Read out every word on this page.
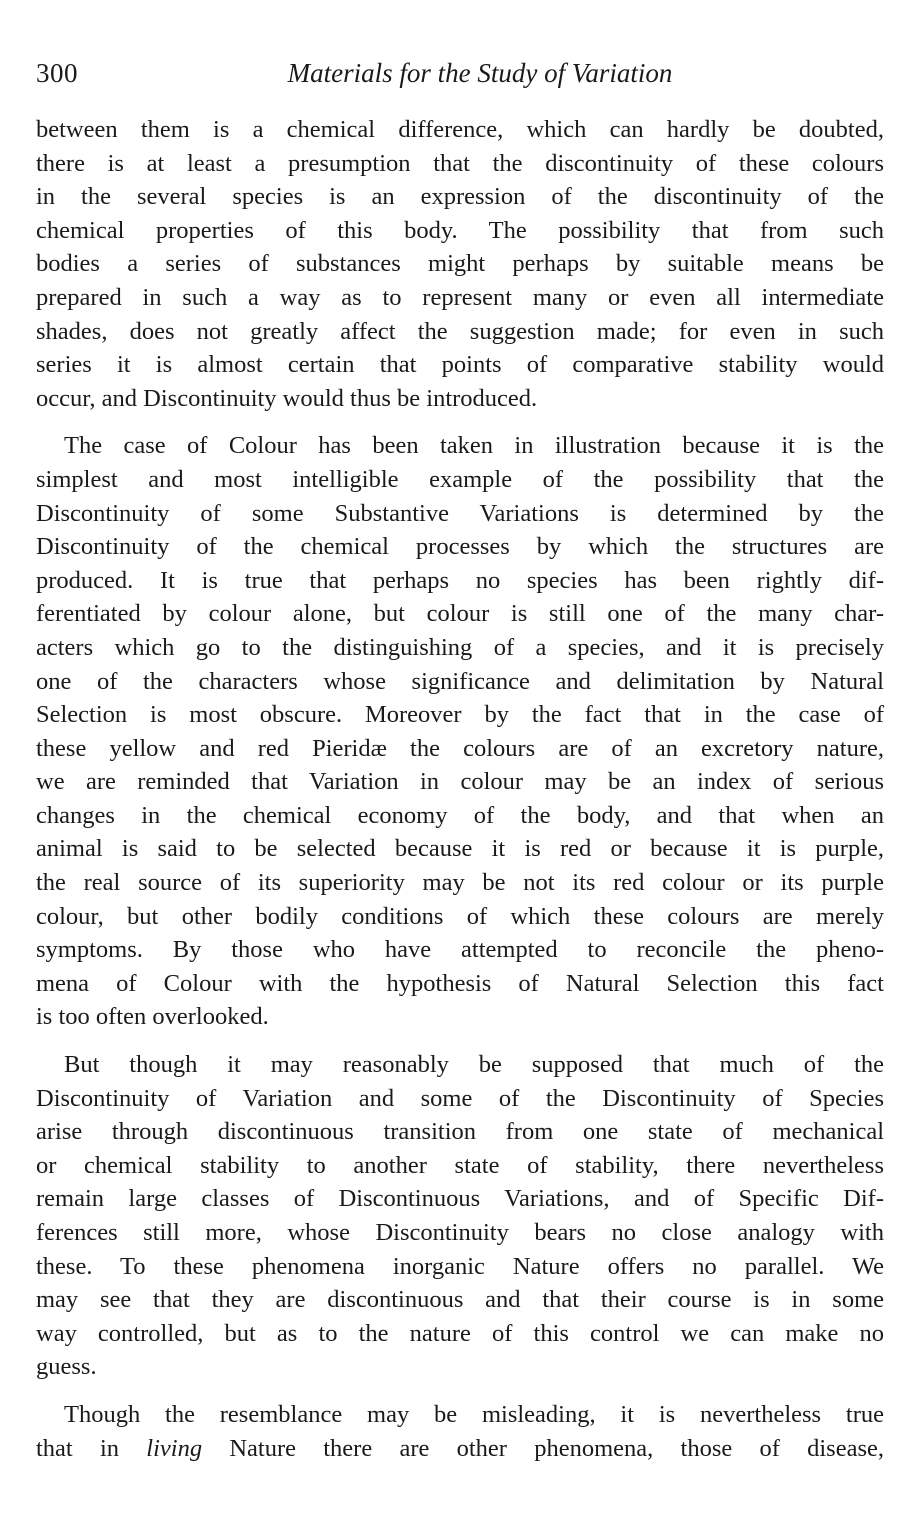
300	Materials for the Study of Variation
between them is a chemical difference, which can hardly be doubted,
there is at least a presumption that the discontinuity of these colours
in the several species is an expression of the discontinuity of the
chemical properties of this body. The possibility that from such
bodies a series of substances might perhaps by suitable means be
prepared in such a way as to represent many or even all intermediate
shades, does not greatly affect the suggestion made; for even in such
series it is almost certain that points of comparative stability would
occur, and Discontinuity would thus be introduced.
The case of Colour has been taken in illustration because it is the
simplest and most intelligible example of the possibility that the
Discontinuity of some Substantive Variations is determined by the
Discontinuity of the chemical processes by which the structures are
produced. It is true that perhaps no species has been rightly dif-
ferentiated by colour alone, but colour is still one of the many char-
acters which go to the distinguishing of a species, and it is precisely
one of the characters whose significance and delimitation by Natural
Selection is most obscure. Moreover by the fact that in the case of
these yellow and red Pieridæ the colours are of an excretory nature,
we are reminded that Variation in colour may be an index of serious
changes in the chemical economy of the body, and that when an
animal is said to be selected because it is red or because it is purple,
the real source of its superiority may be not its red colour or its purple
colour, but other bodily conditions of which these colours are merely
symptoms. By those who have attempted to reconcile the pheno-
mena of Colour with the hypothesis of Natural Selection this fact
is too often overlooked.
But though it may reasonably be supposed that much of the
Discontinuity of Variation and some of the Discontinuity of Species
arise through discontinuous transition from one state of mechanical
or chemical stability to another state of stability, there nevertheless
remain large classes of Discontinuous Variations, and of Specific Dif-
ferences still more, whose Discontinuity bears no close analogy with
these. To these phenomena inorganic Nature offers no parallel. We
may see that they are discontinuous and that their course is in some
way controlled, but as to the nature of this control we can make no
guess.
Though the resemblance may be misleading, it is nevertheless true
that in living Nature there are other phenomena, those of disease,
